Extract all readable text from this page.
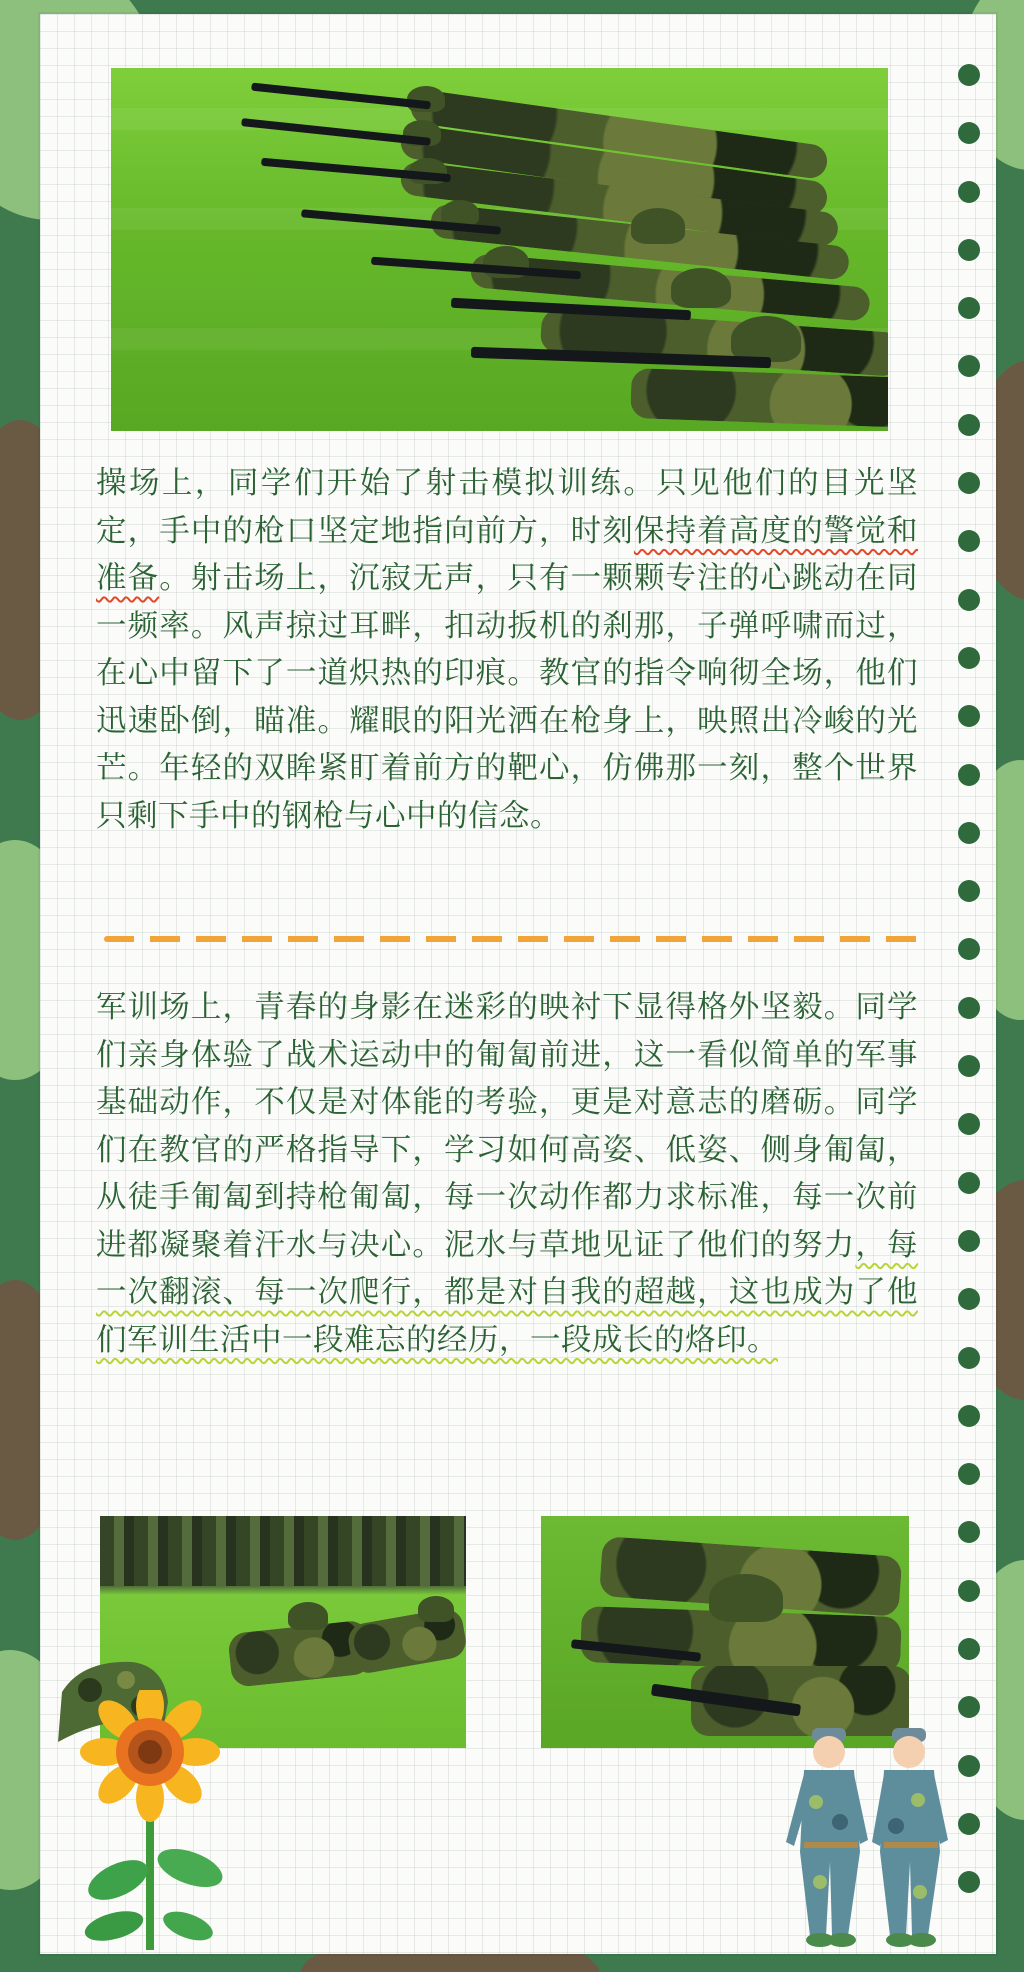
操场上，同学们开始了射击模拟训练。只见他们的目光坚定，手中的枪口坚定地指向前方，时刻保持着高度的警觉和准备。射击场上，沉寂无声，只有一颗颗专注的心跳动在同一频率。风声掠过耳畔，扣动扳机的刹那，子弹呼啸而过，在心中留下了一道炽热的印痕。教官的指令响彻全场，他们迅速卧倒，瞄准。耀眼的阳光洒在枪身上，映照出冷峻的光芒。年轻的双眸紧盯着前方的靶心，仿佛那一刻，整个世界只剩下手中的钢枪与心中的信念。

军训场上，青春的身影在迷彩的映衬下显得格外坚毅。同学们亲身体验了战术运动中的匍匐前进，这一看似简单的军事基础动作，不仅是对体能的考验，更是对意志的磨砺。同学们在教官的严格指导下，学习如何高姿、低姿、侧身匍匐，从徒手匍匐到持枪匍匐，每一次动作都力求标准，每一次前进都凝聚着汗水与决心。泥水与草地见证了他们的努力，每一次翻滚、每一次爬行，都是对自我的超越，这也成为了他们军训生活中一段难忘的经历，一段成长的烙印。
